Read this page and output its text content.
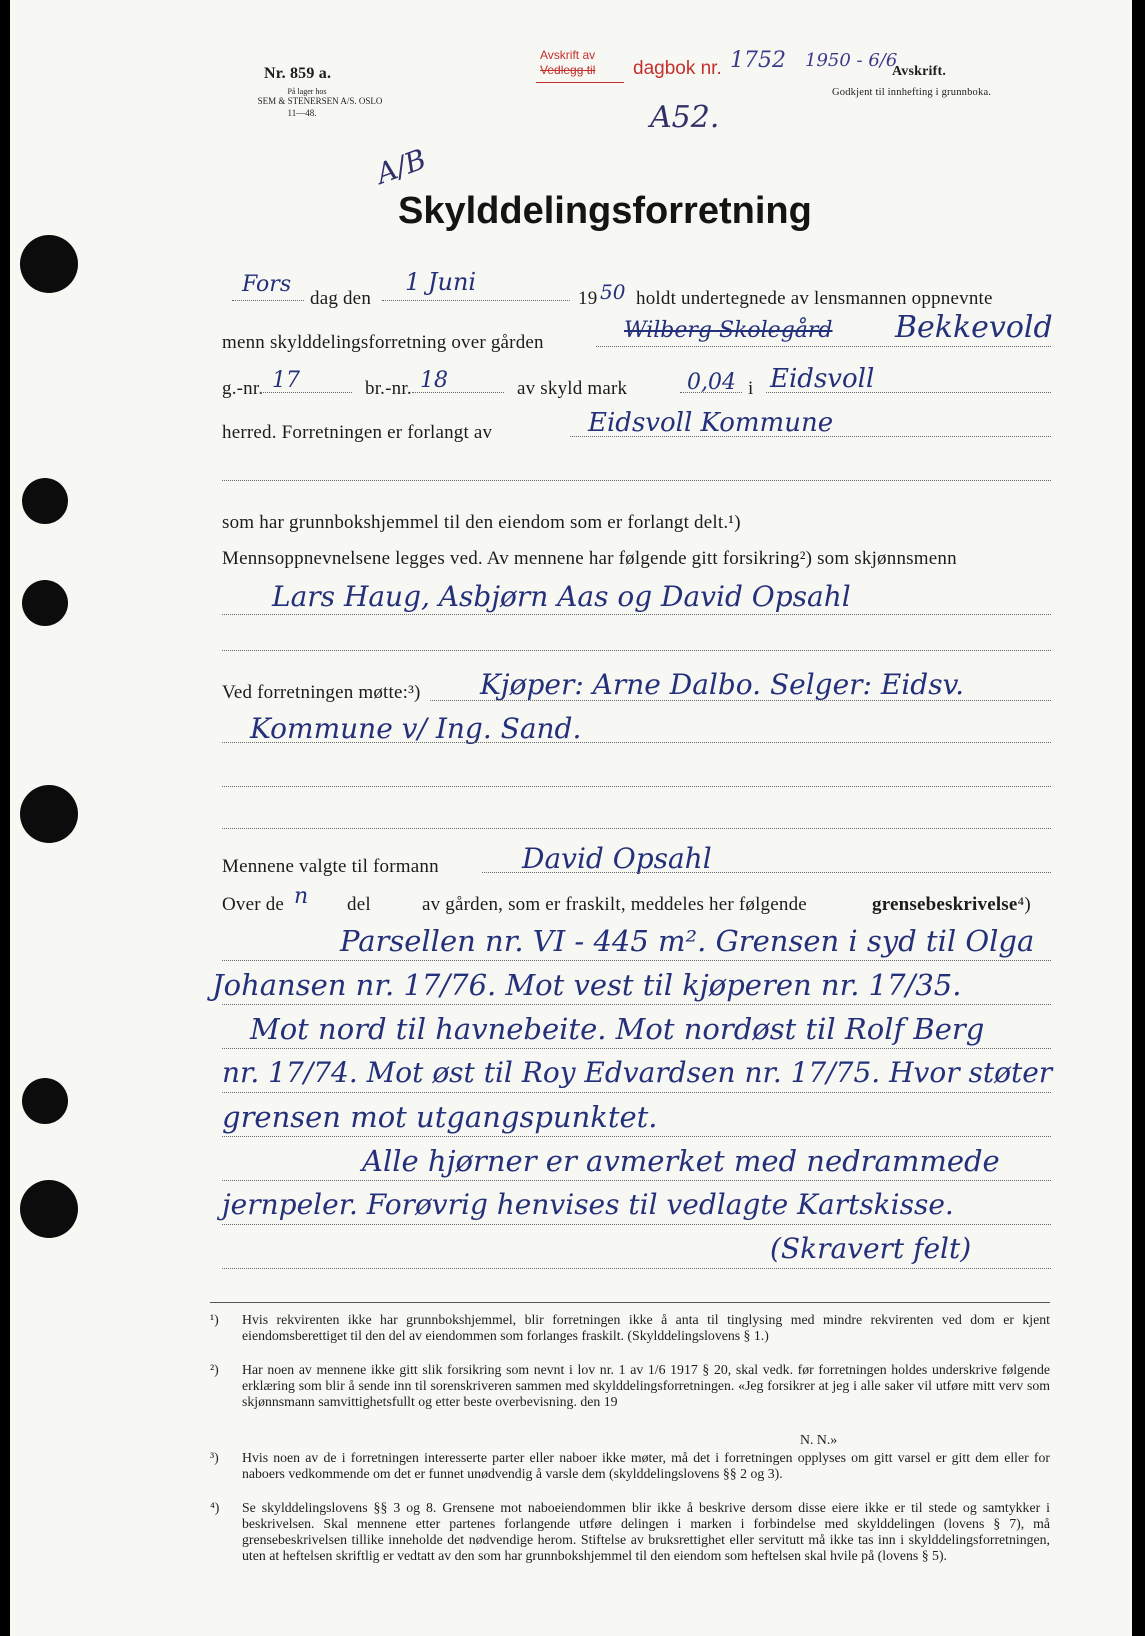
Nr. 859 a.
På lager hos
SEM & STENERSEN A/S. OSLO
11—48.
Avskrift av
Vedlegg til dagbok nr. 1752 1950 - 6/6
Avskrift.
Godkjent til innhefting i grunnboka.
A52.
A/B
Skylddelingsforretning
Fors
dag den
1 Juni
19 50 holdt undertegnede av lensmannen oppnevnte
menn skylddelingsforretning over gården	Wilberg Skolegård Bekkevold
g.-nr. 17	br.-nr. 18	av skyld mark	0,04 i Eidsvoll
herred. Forretningen er forlangt av	Eidsvoll Kommune
som har grunnbokshjemmel til den eiendom som er forlangt delt.¹)
Mennsoppnevnelsene legges ved. Av mennene har følgende gitt forsikring²) som skjønnsmenn
Lars Haug, Asbjørn Aas og David Opsahl
Ved forretningen møtte:³) Kjøper: Arne Dalbo. Selger: Eidsv.
Kommune v/ Ing. Sand.
Mennene valgte til formann	David Opsahl
Over de n del	av gården, som er fraskilt, meddeles her følgende	grensebeskrivelse⁴)
Parsellen nr. VI - 445 m². Grensen i syd til Olga
Johansen nr. 17/76. Mot vest til kjøperen nr. 17/35.
Mot nord til havnebeite. Mot nordøst til Rolf Berg
nr. 17/74. Mot øst til Roy Edvardsen nr. 17/75. Hvor støter
grensen mot utgangspunktet.
Alle hjørner er avmerket med nedrammede
jernpeler. Forøvrig henvises til vedlagte Kartskisse.
(Skravert felt)
¹)	Hvis rekvirenten ikke har grunnbokshjemmel, blir forretningen ikke å anta til tinglysing med mindre rekvirenten ved dom er kjent eiendomsberettiget til den del av eiendommen som forlanges fraskilt. (Skylddelingslovens § 1.)
²)	Har noen av mennene ikke gitt slik forsikring som nevnt i lov nr. 1 av 1/6 1917 § 20, skal vedk. før forretningen holdes underskrive følgende erklæring som blir å sende inn til sorenskriveren sammen med skylddelingsforretningen. «Jeg forsikrer at jeg i alle saker vil utføre mitt verv som skjønnsmann samvittighetsfullt og etter beste overbevisning. den 19
N. N.»
³)	Hvis noen av de i forretningen interesserte parter eller naboer ikke møter, må det i forretningen opplyses om gitt varsel er gitt dem eller for naboers vedkommende om det er funnet unødvendig å varsle dem (skylddelingslovens §§ 2 og 3).
⁴)	Se skylddelingslovens §§ 3 og 8. Grensene mot naboeiendommen blir ikke å beskrive dersom disse eiere ikke er til stede og samtykker i beskrivelsen. Skal mennene etter partenes forlangende utføre delingen i marken i forbindelse med skylddelingen (lovens § 7), må grensebeskrivelsen tillike inneholde det nødvendige herom. Stiftelse av bruksrettighet eller servitutt må ikke tas inn i skylddelingsforretningen, uten at heftelsen skriftlig er vedtatt av den som har grunnbokshjemmel til den eiendom som heftelsen skal hvile på (lovens § 5).
